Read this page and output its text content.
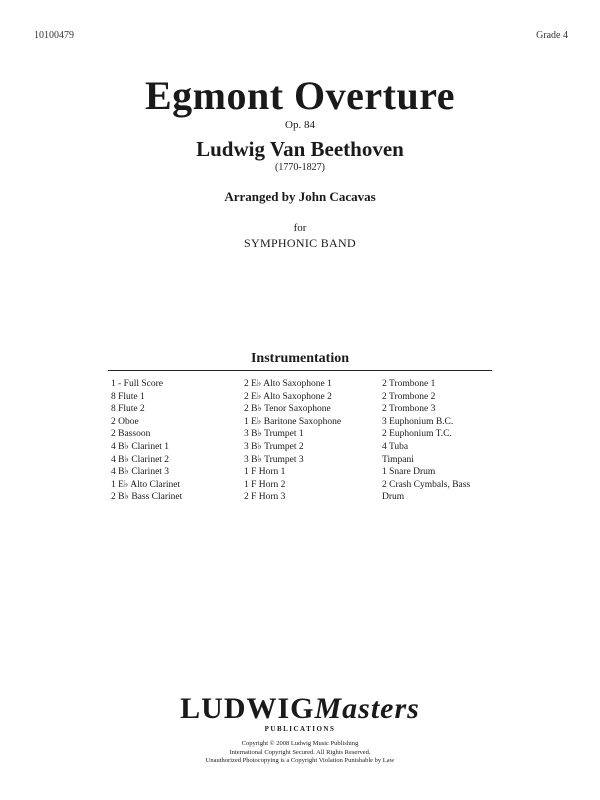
10100479	Grade 4
Egmont Overture
Op. 84
Ludwig Van Beethoven
(1770-1827)
Arranged by John Cacavas
for
SYMPHONIC BAND
Instrumentation
1 - Full Score
8 Flute 1
8 Flute 2
2 Oboe
2 Bassoon
4 B♭ Clarinet 1
4 B♭ Clarinet 2
4 B♭ Clarinet 3
1 E♭ Alto Clarinet
2 B♭ Bass Clarinet
2 E♭ Alto Saxophone 1
2 E♭ Alto Saxophone 2
2 B♭ Tenor Saxophone
1 E♭ Baritone Saxophone
3 B♭ Trumpet 1
3 B♭ Trumpet 2
3 B♭ Trumpet 3
1 F Horn 1
1 F Horn 2
2 F Horn 3
2 Trombone 1
2 Trombone 2
2 Trombone 3
3 Euphonium B.C.
2 Euphonium T.C.
4 Tuba
Timpani
1 Snare Drum
2 Crash Cymbals, Bass
Drum
LUDWIGMasters
PUBLICATIONS
Copyright © 2008 Ludwig Music Publishing
International Copyright Secured. All Rights Reserved.
Unauthorized Photocopying is a Copyright Violation Punishable by Law
